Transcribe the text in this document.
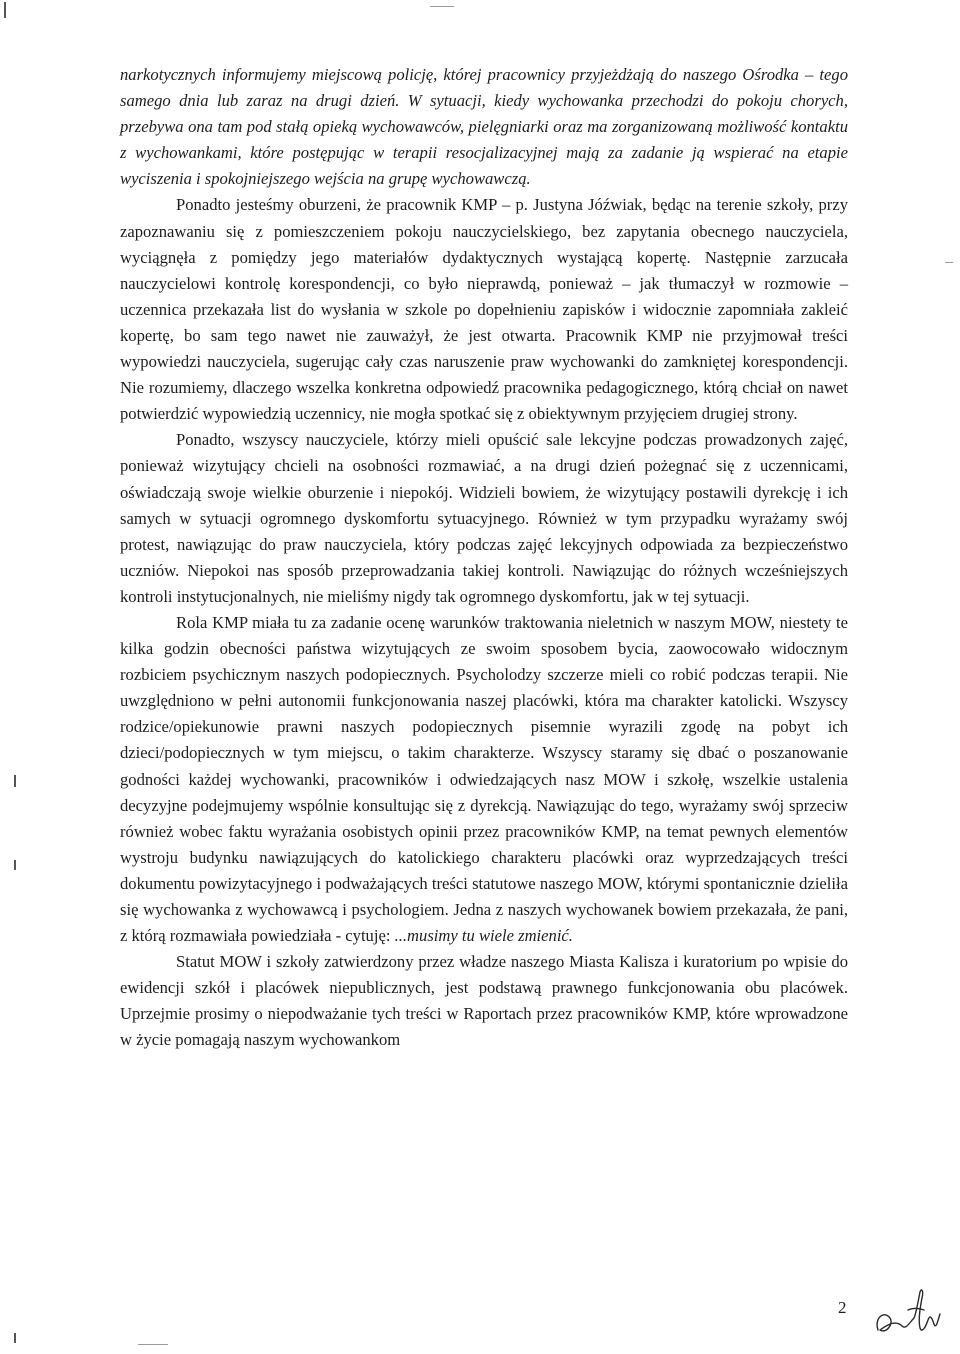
narkotycznych informujemy miejscową policję, której pracownicy przyjeżdżają do naszego Ośrodka – tego samego dnia lub zaraz na drugi dzień. W sytuacji, kiedy wychowanka przechodzi do pokoju chorych, przebywa ona tam pod stałą opieką wychowawców, pielęgniarki oraz ma zorganizowaną możliwość kontaktu z wychowankami, które postępując w terapii resocjalizacyjnej mają za zadanie ją wspierać na etapie wyciszenia i spokojniejszego wejścia na grupę wychowawczą.

Ponadto jesteśmy oburzeni, że pracownik KMP – p. Justyna Jóźwiak, będąc na terenie szkoły, przy zapoznawaniu się z pomieszczeniem pokoju nauczycielskiego, bez zapytania obecnego nauczyciela, wyciągnęła z pomiędzy jego materiałów dydaktycznych wystającą kopertę. Następnie zarzucała nauczycielowi kontrolę korespondencji, co było nieprawdą, ponieważ – jak tłumaczył w rozmowie – uczennica przekazała list do wysłania w szkole po dopełnieniu zapisków i widocznie zapomniała zakleić kopertę, bo sam tego nawet nie zauważył, że jest otwarta. Pracownik KMP nie przyjmował treści wypowiedzi nauczyciela, sugerując cały czas naruszenie praw wychowanki do zamkniętej korespondencji. Nie rozumiemy, dlaczego wszelka konkretna odpowiedź pracownika pedagogicznego, którą chciał on nawet potwierdzić wypowiedzią uczennicy, nie mogła spotkać się z obiektywnym przyjęciem drugiej strony.

Ponadto, wszyscy nauczyciele, którzy mieli opuścić sale lekcyjne podczas prowadzonych zajęć, ponieważ wizytujący chcieli na osobności rozmawiać, a na drugi dzień pożegnać się z uczennicami, oświadczają swoje wielkie oburzenie i niepokój. Widzieli bowiem, że wizytujący postawili dyrekcję i ich samych w sytuacji ogromnego dyskomfortu sytuacyjnego. Również w tym przypadku wyrażamy swój protest, nawiązując do praw nauczyciela, który podczas zajęć lekcyjnych odpowiada za bezpieczeństwo uczniów. Niepokoi nas sposób przeprowadzania takiej kontroli. Nawiązując do różnych wcześniejszych kontroli instytucjonalnych, nie mieliśmy nigdy tak ogromnego dyskomfortu, jak w tej sytuacji.

Rola KMP miała tu za zadanie ocenę warunków traktowania nieletnich w naszym MOW, niestety te kilka godzin obecności państwa wizytujących ze swoim sposobem bycia, zaowocowało widocznym rozbiciem psychicznym naszych podopiecznych. Psycholodzy szczerze mieli co robić podczas terapii. Nie uwzględniono w pełni autonomii funkcjonowania naszej placówki, która ma charakter katolicki. Wszyscy rodzice/opiekunowie prawni naszych podopiecznych pisemnie wyrazili zgodę na pobyt ich dzieci/podopiecznych w tym miejscu, o takim charakterze. Wszyscy staramy się dbać o poszanowanie godności każdej wychowanki, pracowników i odwiedzających nasz MOW i szkołę, wszelkie ustalenia decyzyjne podejmujemy wspólnie konsultując się z dyrekcją. Nawiązując do tego, wyrażamy swój sprzeciw również wobec faktu wyrażania osobistych opinii przez pracowników KMP, na temat pewnych elementów wystroju budynku nawiązujących do katolickiego charakteru placówki oraz wyprzedzających treści dokumentu powizytacyjnego i podważających treści statutowe naszego MOW, którymi spontanicznie dzieliła się wychowanka z wychowawcą i psychologiem. Jedna z naszych wychowanek bowiem przekazała, że pani, z którą rozmawiała powiedziała - cytuję: ...musimy tu wiele zmienić.

Statut MOW i szkoły zatwierdzony przez władze naszego Miasta Kalisza i kuratorium po wpisie do ewidencji szkół i placówek niepublicznych, jest podstawą prawnego funkcjonowania obu placówek. Uprzejmie prosimy o niepodważanie tych treści w Raportach przez pracowników KMP, które wprowadzone w życie pomagają naszym wychowankom

2
